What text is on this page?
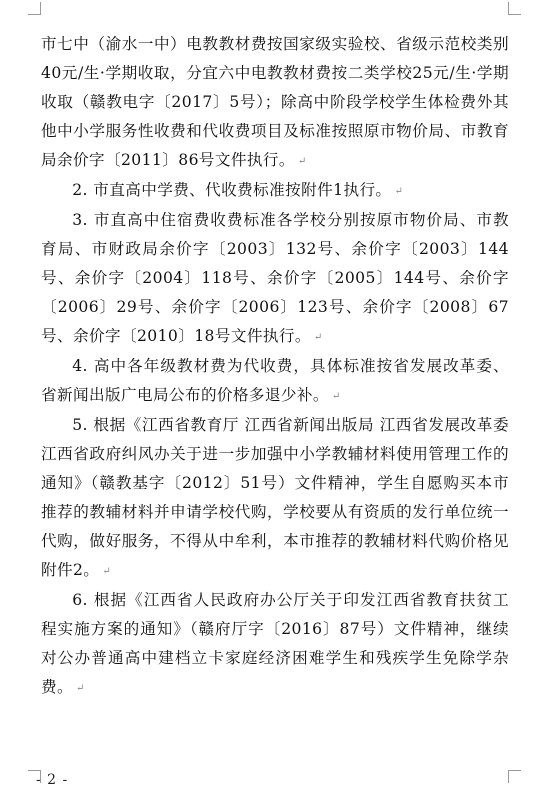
市七中（渝水一中）电教教材费按国家级实验校、省级示范校类别40元/生·学期收取，分宜六中电教教材费按二类学校25元/生·学期收取（赣教电字〔2017〕5号）；除高中阶段学校学生体检费外其他中小学服务性收费和代收费项目及标准按照原市物价局、市教育局余价字〔2011〕86号文件执行。 ↵

2. 市直高中学费、代收费标准按附件1执行。 ↵

3. 市直高中住宿费收费标准各学校分别按原市物价局、市教育局、市财政局余价字〔2003〕132号、余价字〔2003〕144号、余价字〔2004〕118号、余价字〔2005〕144号、余价字〔2006〕29号、余价字〔2006〕123号、余价字〔2008〕67号、余价字〔2010〕18号文件执行。 ↵

4. 高中各年级教材费为代收费，具体标准按省发展改革委、省新闻出版广电局公布的价格多退少补。 ↵

5. 根据《江西省教育厅 江西省新闻出版局 江西省发展改革委 江西省政府纠风办关于进一步加强中小学教辅材料使用管理工作的通知》（赣教基字〔2012〕51号）文件精神，学生自愿购买本市推荐的教辅材料并申请学校代购，学校要从有资质的发行单位统一代购，做好服务，不得从中牟利，本市推荐的教辅材料代购价格见附件2。 ↵

6. 根据《江西省人民政府办公厅关于印发江西省教育扶贫工程实施方案的通知》（赣府厅字〔2016〕87号）文件精神，继续对公办普通高中建档立卡家庭经济困难学生和残疾学生免除学杂费。 ↵

- 2 -
